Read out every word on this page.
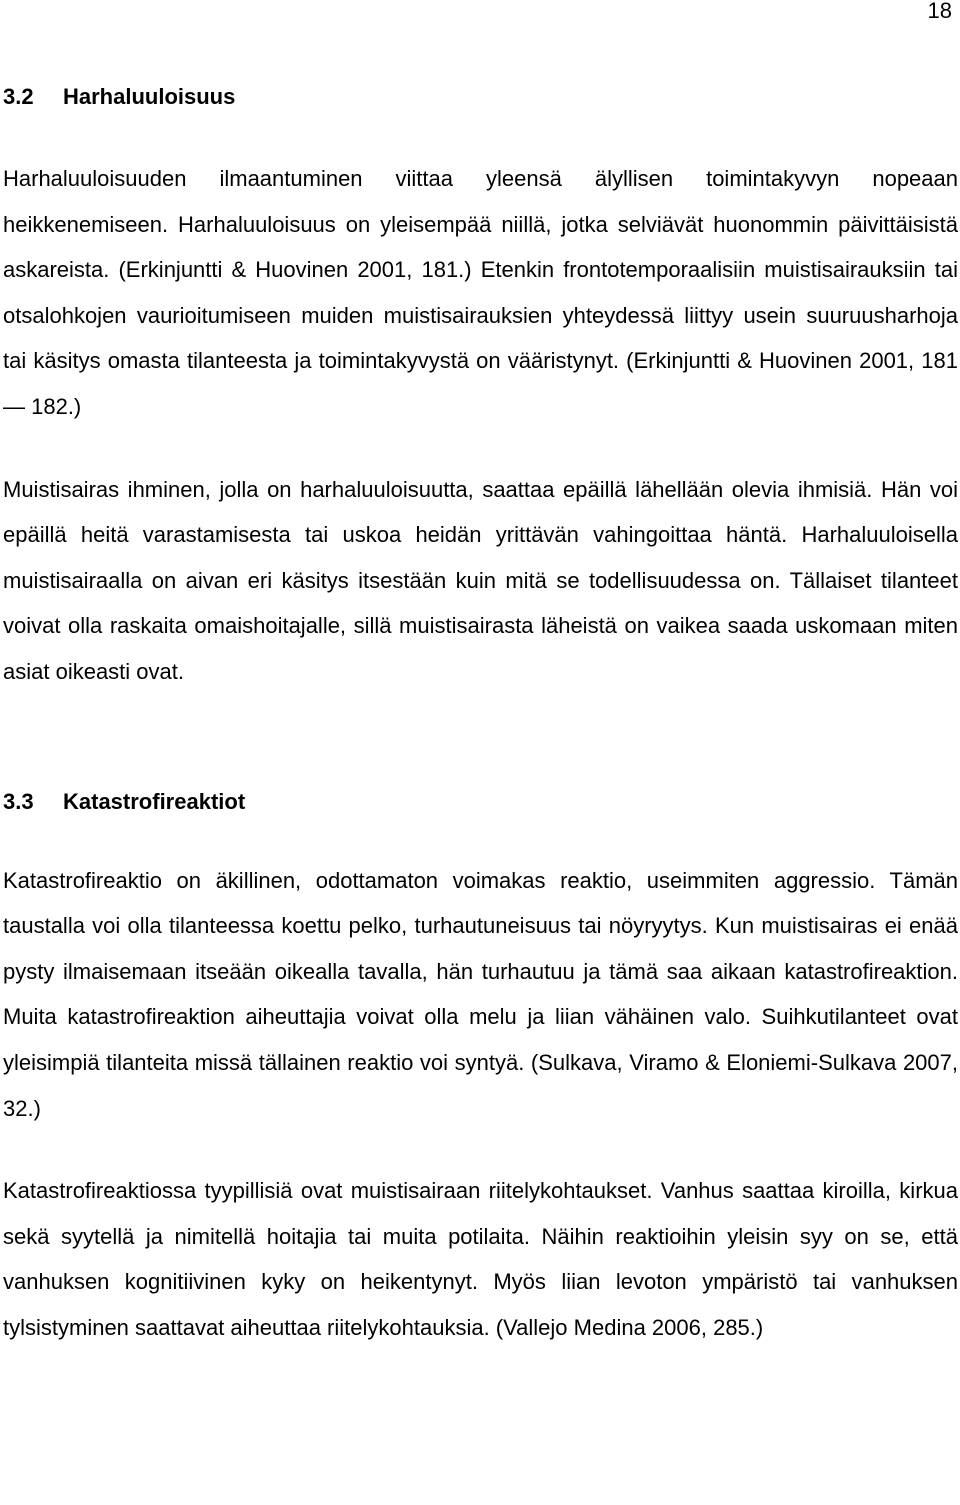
18

3.2 Harhaluuloisuus

Harhaluuloisuuden ilmaantuminen viittaa yleensä älyllisen toimintakyvyn nopeaan heikkenemiseen. Harhaluuloisuus on yleisempää niillä, jotka selviävät huonommin päivittäisistä askareista. (Erkinjuntti & Huovinen 2001, 181.) Etenkin frontotemporaalisiin muistisairauksiin tai otsalohkojen vaurioitumiseen muiden muistisairauksien yhteydessä liittyy usein suuruusharhoja tai käsitys omasta tilanteesta ja toimintakyvystä on vääristynyt. (Erkinjuntti & Huovinen 2001, 181— 182.)

Muistisairas ihminen, jolla on harhaluuloisuutta, saattaa epäillä lähellään olevia ihmisiä. Hän voi epäillä heitä varastamisesta tai uskoa heidän yrittävän vahingoittaa häntä. Harhaluuloisella muistisairaalla on aivan eri käsitys itsestään kuin mitä se todellisuudessa on. Tällaiset tilanteet voivat olla raskaita omaishoitajalle, sillä muistisairasta läheistä on vaikea saada uskomaan miten asiat oikeasti ovat.

3.3 Katastrofireaktiot

Katastrofireaktio on äkillinen, odottamaton voimakas reaktio, useimmiten aggressio. Tämän taustalla voi olla tilanteessa koettu pelko, turhautuneisuus tai nöyryytys. Kun muistisairas ei enää pysty ilmaisemaan itseään oikealla tavalla, hän turhautuu ja tämä saa aikaan katastrofireaktion. Muita katastrofireaktion aiheuttajia voivat olla melu ja liian vähäinen valo. Suihkutilanteet ovat yleisimpiä tilanteita missä tällainen reaktio voi syntyä. (Sulkava, Viramo & Eloniemi-Sulkava 2007, 32.)

Katastrofireaktiossa tyypillisiä ovat muistisairaan riitelykohtaukset. Vanhus saattaa kiroilla, kirkua sekä syytellä ja nimitellä hoitajia tai muita potilaita. Näihin reaktioihin yleisin syy on se, että vanhuksen kognitiivinen kyky on heikentynyt. Myös liian levoton ympäristö tai vanhuksen tylsistyminen saattavat aiheuttaa riitelykohtauksia. (Vallejo Medina 2006, 285.)
